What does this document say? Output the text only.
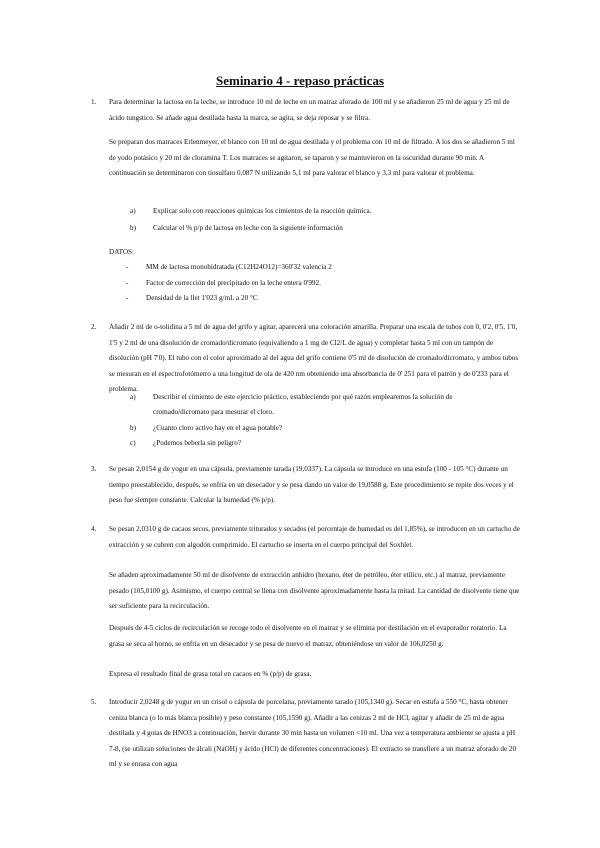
Seminario 4 - repaso prácticas
1. Para determinar la lactosa en la leche, se introduce 10 ml de leche en un matraz aforado de 100 ml y se añadieron 25 ml de agua y 25 ml de ácido tungstico. Se añade agua destilada hasta la marca, se agita, se deja reposar y se filtra.

Se preparan dos matraces Erlenmeyer, el blanco con 10 ml de agua destilada y el problema con 10 ml de filtrado. A los dos se añadieron 5 ml de yodo potásico y 20 ml de cloramina T. Los matraces se agitaron, se taparon y se mantuvieron en la oscuridad durante 90 min. A continuación se determinaron con tiosulfato 0,087 N utilizando 5,1 ml para valorar el blanco y 3,3 ml para valorar el problema.

a) Explicar solo con reacciones químicas los cimientos de la reacción química.
b) Calcular el % p/p de lactosa en leche con la siguiente información
DATOS:
- MM de lactosa monohidratada (C12H24O12)=360'32 valencia 2
- Factor de corrección del precipitado en la leche entera 0'992.
- Densidad de la llet 1'023 g/mL a 20 °C
2. Añadir 2 ml de o-tolidina a 5 ml de agua del grifo y agitar, aparecerá una coloración amarilla. Preparar una escala de tubos con 0, 0'2, 0'5, 1'0, 1'5 y 2 ml de una disolución de cromado/dicromato (equivaliendo a 1 mg de Cl2/L de agua) y completar hasta 5 ml con un tampón de disolución (pH 7'0). El tubo con el color aproximado al del agua del grifo contiene 0'5 ml de disolución de cromado/dicromato, y ambos tubos se mesuran en el espectrofotómetro a una longitud de ola de 420 nm obteniendo una absorbancia de 0' 251 para el patrón y de 0'233 para el problema.

a) Describir el cimiento de este ejercicio práctico, estableciendo por qué razón emplearemos la solución de
cromado/dicromato para mesurar el cloro.
b) ¿Cuanto cloro activo hay en el agua potable?
c) ¿Podemos beberla sin peligro?
3. Se pesan 2,0154 g de yogur en una cápsula, previamente tarada (19,0337). La cápsula se introduce en una estufa (100 - 105 °C) durante un tiempo preestablecido, después, se enfría en un desecador y se pesa dando un valor de 19,0588 g. Este procedimiento se repite dos veces y el peso fue siempre constante. Calcular la humedad (% p/p).

4. Se pesan 2,0310 g de cacaos secos, previamente triturados y secados (el porcentaje de humedad es del 1,85%), se introducen en un cartucho de extracción y se cubren con algodón comprimido. El cartucho se inserta en el cuerpo principal del Soxhlet.

Se añaden aproximadamente 50 ml de disolvente de extracción anhidro (hexano, éter de petróleo, éter etílico, etc.) al matraz, previamente pesado (105,0100 g). Asimismo, el cuerpo central se llena con disolvente aproximadamente hasta la mitad. La cantidad de disolvente tiene que ser suficiente para la recirculación.

Después de 4-5 ciclos de recirculación se recoge todo el disolvente en el matraz y se elimina por destilación en el evaporador rotatorio. La grasa se seca al horno, se enfría en un desecador y se pesa de nuevo el matraz, obteniéndose un valor de 106,0250 g.

Expresa el resultado final de grasa total en cacaos en % (p/p) de grasa.

5. Introducir 2,0248 g de yogur en un crisol o cápsula de porcelana, previamente tarado (105,1340 g). Secar en estufa a 550 °C, hasta obtener ceniza blanca (o lo más blanca posible) y peso constante (105,1590 g). Añadir a las cenizas 2 ml de HCl, agitar y añadir de 25 ml de agua destilada y 4 gotas de HNO3 a continuación, hervir durante 30 min hasta un volumen <10 ml. Una vez a temperatura ambiente se ajusta a pH 7-8, (se utilizan soluciones de álcali (NaOH) y ácido (HCl) de diferentes concentraciones). El extracto se transfiere a un matraz aforado de 20 ml y se enrasa con agua
